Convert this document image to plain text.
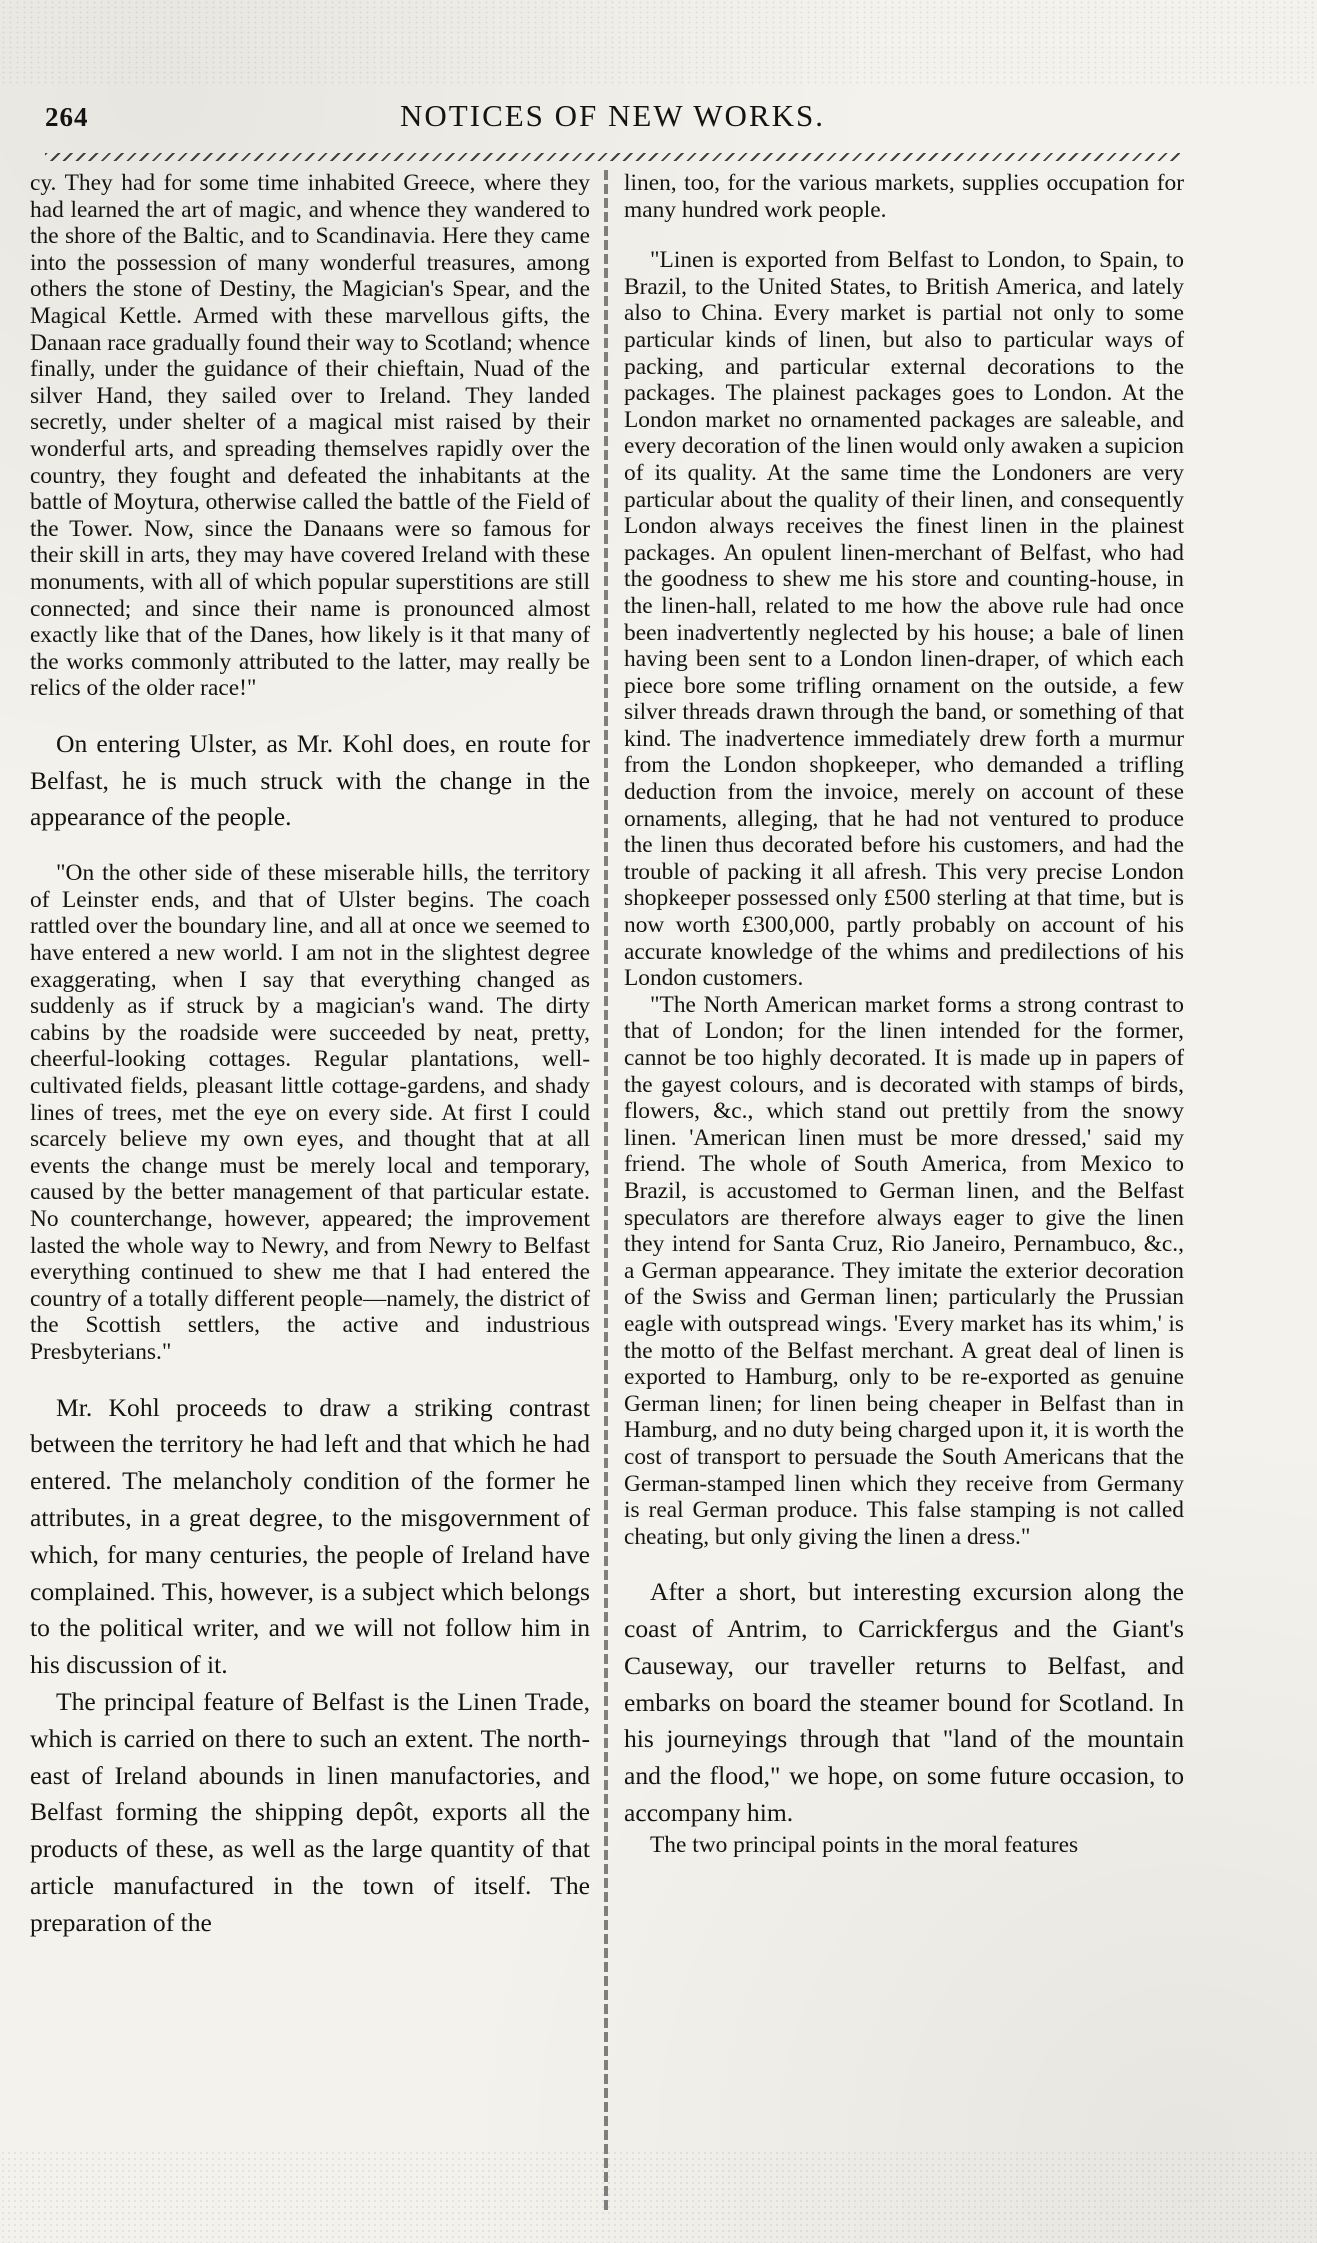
264	NOTICES OF NEW WORKS.

cy. They had for some time inhabited Greece, where they had learned the art of magic, and whence they wandered to the shore of the Baltic, and to Scandinavia. Here they came into the possession of many wonderful treasures, among others the stone of Destiny, the Magician's Spear, and the Magical Kettle. Armed with these marvellous gifts, the Danaan race gradually found their way to Scotland; whence finally, under the guidance of their chieftain, Nuad of the silver Hand, they sailed over to Ireland. They landed secretly, under shelter of a magical mist raised by their wonderful arts, and spreading themselves rapidly over the country, they fought and defeated the inhabitants at the battle of Moytura, otherwise called the battle of the Field of the Tower. Now, since the Danaans were so famous for their skill in arts, they may have covered Ireland with these monuments, with all of which popular superstitions are still connected; and since their name is pronounced almost exactly like that of the Danes, how likely is it that many of the works commonly attributed to the latter, may really be relics of the older race!"

On entering Ulster, as Mr. Kohl does, en route for Belfast, he is much struck with the change in the appearance of the people.

"On the other side of these miserable hills, the territory of Leinster ends, and that of Ulster begins. The coach rattled over the boundary line, and all at once we seemed to have entered a new world. I am not in the slightest degree exaggerating, when I say that everything changed as suddenly as if struck by a magician's wand. The dirty cabins by the roadside were succeeded by neat, pretty, cheerful-looking cottages. Regular plantations, well-cultivated fields, pleasant little cottage-gardens, and shady lines of trees, met the eye on every side. At first I could scarcely believe my own eyes, and thought that at all events the change must be merely local and temporary, caused by the better management of that particular estate. No counterchange, however, appeared; the improvement lasted the whole way to Newry, and from Newry to Belfast everything continued to shew me that I had entered the country of a totally different people—namely, the district of the Scottish settlers, the active and industrious Presbyterians."

Mr. Kohl proceeds to draw a striking contrast between the territory he had left and that which he had entered. The melancholy condition of the former he attributes, in a great degree, to the misgovernment of which, for many centuries, the people of Ireland have complained. This, however, is a subject which belongs to the political writer, and we will not follow him in his discussion of it.

The principal feature of Belfast is the Linen Trade, which is carried on there to such an extent. The north-east of Ireland abounds in linen manufactories, and Belfast forming the shipping depôt, exports all the products of these, as well as the large quantity of that article manufactured in the town of itself. The preparation of the

linen, too, for the various markets, supplies occupation for many hundred work people.

"Linen is exported from Belfast to London, to Spain, to Brazil, to the United States, to British America, and lately also to China. Every market is partial not only to some particular kinds of linen, but also to particular ways of packing, and particular external decorations to the packages. The plainest packages goes to London. At the London market no ornamented packages are saleable, and every decoration of the linen would only awaken a supicion of its quality. At the same time the Londoners are very particular about the quality of their linen, and consequently London always receives the finest linen in the plainest packages. An opulent linen-merchant of Belfast, who had the goodness to shew me his store and counting-house, in the linen-hall, related to me how the above rule had once been inadvertently neglected by his house; a bale of linen having been sent to a London linen-draper, of which each piece bore some trifling ornament on the outside, a few silver threads drawn through the band, or something of that kind. The inadvertence immediately drew forth a murmur from the London shopkeeper, who demanded a trifling deduction from the invoice, merely on account of these ornaments, alleging, that he had not ventured to produce the linen thus decorated before his customers, and had the trouble of packing it all afresh. This very precise London shopkeeper possessed only £500 sterling at that time, but is now worth £300,000, partly probably on account of his accurate knowledge of the whims and predilections of his London customers.

"The North American market forms a strong contrast to that of London; for the linen intended for the former, cannot be too highly decorated. It is made up in papers of the gayest colours, and is decorated with stamps of birds, flowers, &c., which stand out prettily from the snowy linen. 'American linen must be more dressed,' said my friend. The whole of South America, from Mexico to Brazil, is accustomed to German linen, and the Belfast speculators are therefore always eager to give the linen they intend for Santa Cruz, Rio Janeiro, Pernambuco, &c., a German appearance. They imitate the exterior decoration of the Swiss and German linen; particularly the Prussian eagle with outspread wings. 'Every market has its whim,' is the motto of the Belfast merchant. A great deal of linen is exported to Hamburg, only to be re-exported as genuine German linen; for linen being cheaper in Belfast than in Hamburg, and no duty being charged upon it, it is worth the cost of transport to persuade the South Americans that the German-stamped linen which they receive from Germany is real German produce. This false stamping is not called cheating, but only giving the linen a dress."

After a short, but interesting excursion along the coast of Antrim, to Carrickfergus and the Giant's Causeway, our traveller returns to Belfast, and embarks on board the steamer bound for Scotland. In his journeyings through that "land of the mountain and the flood," we hope, on some future occasion, to accompany him.

The two principal points in the moral features
